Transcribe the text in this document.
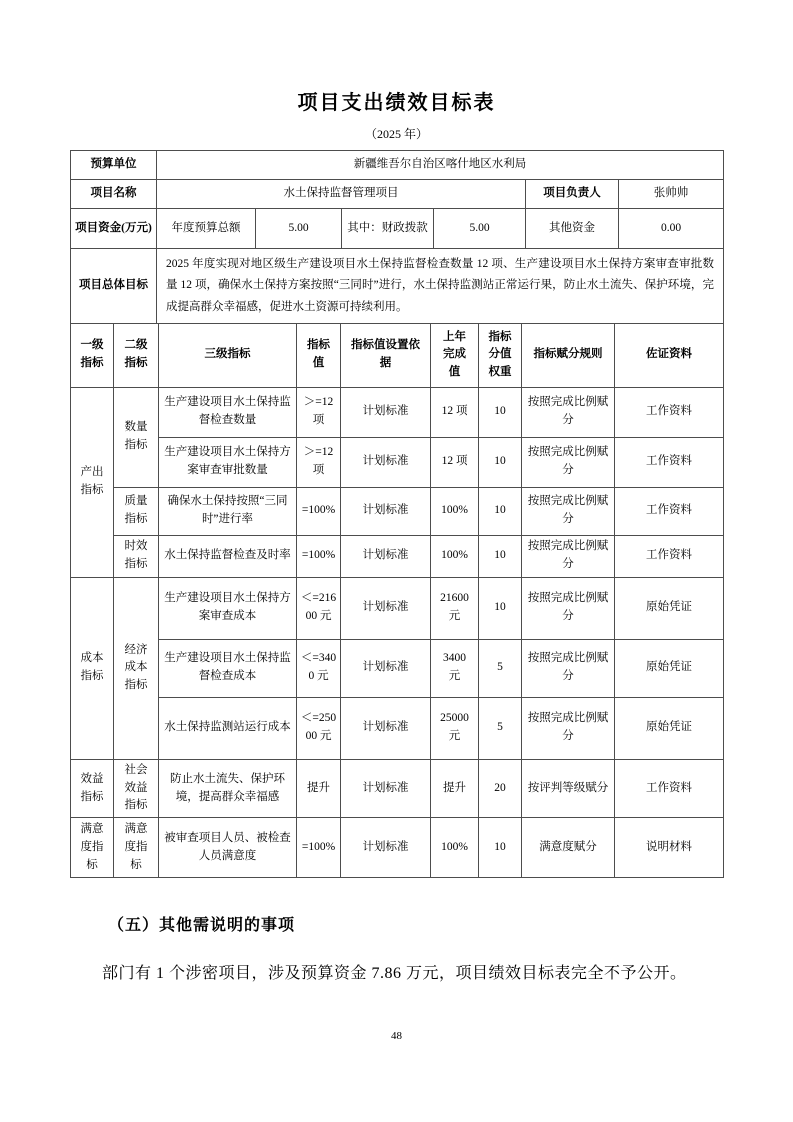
项目支出绩效目标表
（2025 年）
预算单位	新疆维吾尔自治区喀什地区水利局					
项目名称	水土保持监督管理项目				项目负责人	张帅帅
项目资金(万元)	年度预算总额	5.00	其中：财政拨款	5.00	其他资金	0.00
项目总体目标	2025 年度实现对地区级生产建设项目水土保持监督检查数量 12 项、生产建设项目水土保持方案审查审批数量 12 项，确保水土保持方案按照“三同时”进行，水土保持监测站正常运行果，防止水土流失、保护环境，完成提高群众幸福感，促进水土资源可持续利用。					
一级指标	二级指标	三级指标	指标值	指标值设置依据	上年完成值	指标分值权重	指标赋分规则	佐证资料
产出指标	数量指标	生产建设项目水土保持监督检查数量	＞=12 项	计划标准	12 项	10	按照完成比例赋分	工作资料
		生产建设项目水土保持方案审查审批数量	＞=12 项	计划标准	12 项	10	按照完成比例赋分	工作资料
	质量指标	确保水土保持按照“三同时”进行率	=100%	计划标准	100%	10	按照完成比例赋分	工作资料
	时效指标	水土保持监督检查及时率	=100%	计划标准	100%	10	按照完成比例赋分	工作资料
成本指标	经济成本指标	生产建设项目水土保持方案审查成本	＜=21600 元	计划标准	21600 元	10	按照完成比例赋分	原始凭证
		生产建设项目水土保持监督检查成本	＜=3400 元	计划标准	3400 元	5	按照完成比例赋分	原始凭证
		水土保持监测站运行成本	＜=25000 元	计划标准	25000 元	5	按照完成比例赋分	原始凭证
效益指标	社会效益指标	防止水土流失、保护环境，提高群众幸福感	提升	计划标准	提升	20	按评判等级赋分	工作资料
满意度指标	满意度指标	被审查项目人员、被检查人员满意度	=100%	计划标准	100%	10	满意度赋分	说明材料
（五）其他需说明的事项
部门有 1 个涉密项目，涉及预算资金 7.86 万元，项目绩效目标表完全不予公开。
48
